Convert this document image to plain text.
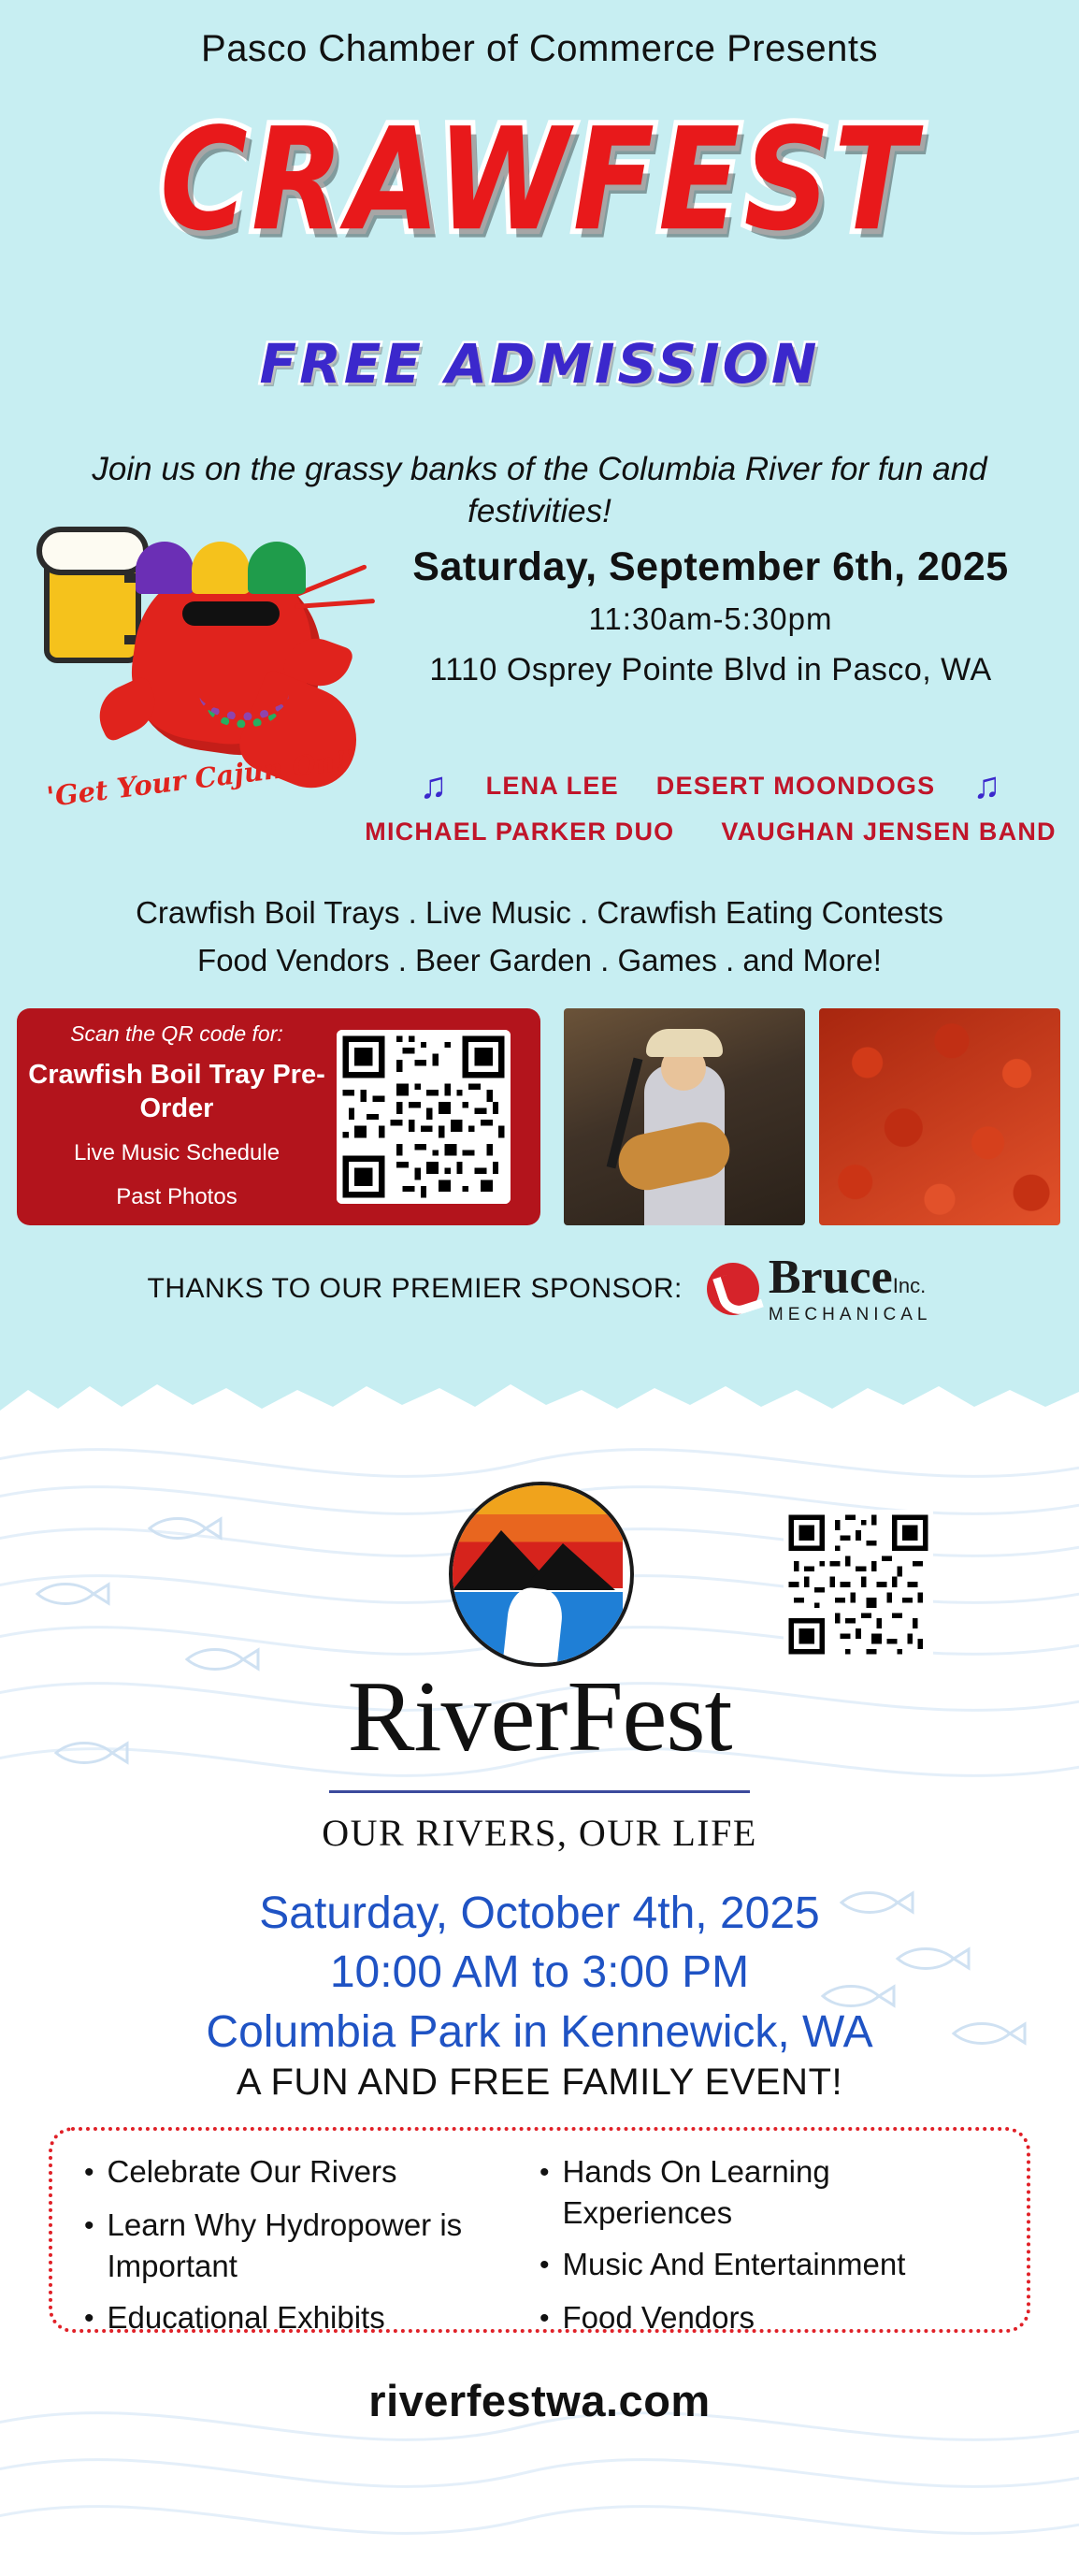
Pasco Chamber of Commerce Presents
CRAWFEST
FREE ADMISSION
Join us on the grassy banks of the Columbia River for fun and festivities!
'Get Your Cajun On!'
Saturday, September 6th, 2025
11:30am-5:30pm
1110 Osprey Pointe Blvd in Pasco, WA
♫ LENA LEE DESERT MOONDOGS ♫
MICHAEL PARKER DUO VAUGHAN JENSEN BAND
Crawfish Boil Trays . Live Music . Crawfish Eating Contests
Food Vendors . Beer Garden . Games . and More!
Scan the QR code for:
Crawfish Boil Tray Pre-Order
Live Music Schedule
Past Photos
THANKS TO OUR PREMIER SPONSOR: BruceInc.
MECHANICAL
RiverFest
OUR RIVERS, OUR LIFE
Saturday, October 4th, 2025
10:00 AM to 3:00 PM
Columbia Park in Kennewick, WA
A FUN AND FREE FAMILY EVENT!
• Celebrate Our Rivers
• Learn Why Hydropower is Important
• Educational Exhibits
• Hands On Learning Experiences
• Music And Entertainment
• Food Vendors
riverfestwa.com
